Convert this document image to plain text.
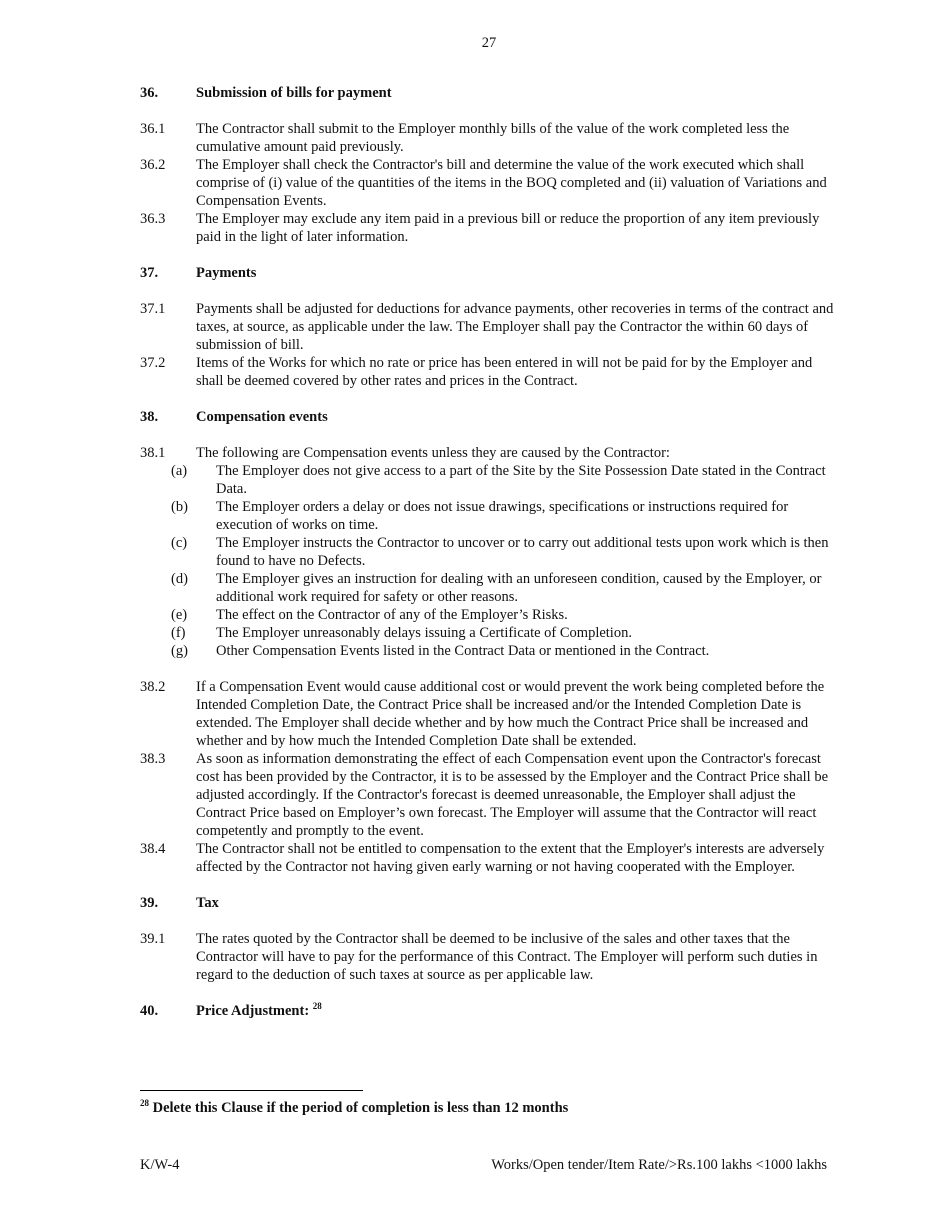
27
36.	Submission of bills for payment
36.1	The Contractor shall submit to the Employer monthly bills of the value of the work completed less the cumulative amount paid previously.
36.2	The Employer shall check the Contractor's bill and determine the value of the work executed which shall comprise of (i) value of the quantities of the items in the BOQ completed and (ii) valuation of Variations and Compensation Events.
36.3	The Employer may exclude any item paid in a previous bill or reduce the proportion of any item previously paid in the light of later information.
37.	Payments
37.1	Payments shall be adjusted for deductions for advance payments, other recoveries in terms of the contract and taxes, at source, as applicable under the law. The Employer shall pay the Contractor the within 60 days of submission of bill.
37.2	Items of the Works for which no rate or price has been entered in will not be paid for by the Employer and shall be deemed covered by other rates and prices in the Contract.
38.	Compensation events
38.1	The following are Compensation events unless they are caused by the Contractor:
(a)	The Employer does not give access to a part of the Site by the Site Possession Date stated in the Contract Data.
(b)	The Employer orders a delay or does not issue drawings, specifications or instructions required for execution of works on time.
(c)	The Employer instructs the Contractor to uncover or to carry out additional tests upon work which is then found to have no Defects.
(d)	The Employer gives an instruction for dealing with an unforeseen condition, caused by the Employer, or additional work required for safety or other reasons.
(e)	The effect on the Contractor of any of the Employer’s Risks.
(f)	The Employer unreasonably delays issuing a Certificate of Completion.
(g)	Other Compensation Events listed in the Contract Data or mentioned in the Contract.
38.2	If a Compensation Event would cause additional cost or would prevent the work being completed before the Intended Completion Date, the Contract Price shall be increased and/or the Intended Completion Date is extended. The Employer shall decide whether and by how much the Contract Price shall be increased and whether and by how much the Intended Completion Date shall be extended.
38.3	As soon as information demonstrating the effect of each Compensation event upon the Contractor's forecast cost has been provided by the Contractor, it is to be assessed by the Employer and the Contract Price shall be adjusted accordingly. If the Contractor's forecast is deemed unreasonable, the Employer shall adjust the Contract Price based on Employer’s own forecast. The Employer will assume that the Contractor will react competently and promptly to the event.
38.4	The Contractor shall not be entitled to compensation to the extent that the Employer's interests are adversely affected by the Contractor not having given early warning or not having cooperated with the Employer.
39.	Tax
39.1	The rates quoted by the Contractor shall be deemed to be inclusive of the sales and other taxes that the Contractor will have to pay for the performance of this Contract. The Employer will perform such duties in regard to the deduction of such taxes at source as per applicable law.
40.	Price Adjustment: $^{28}$
$^{28}$ Delete this Clause if the period of completion is less than 12 months
K/W-4	Works/Open tender/Item Rate/>Rs.100 lakhs <1000 lakhs
